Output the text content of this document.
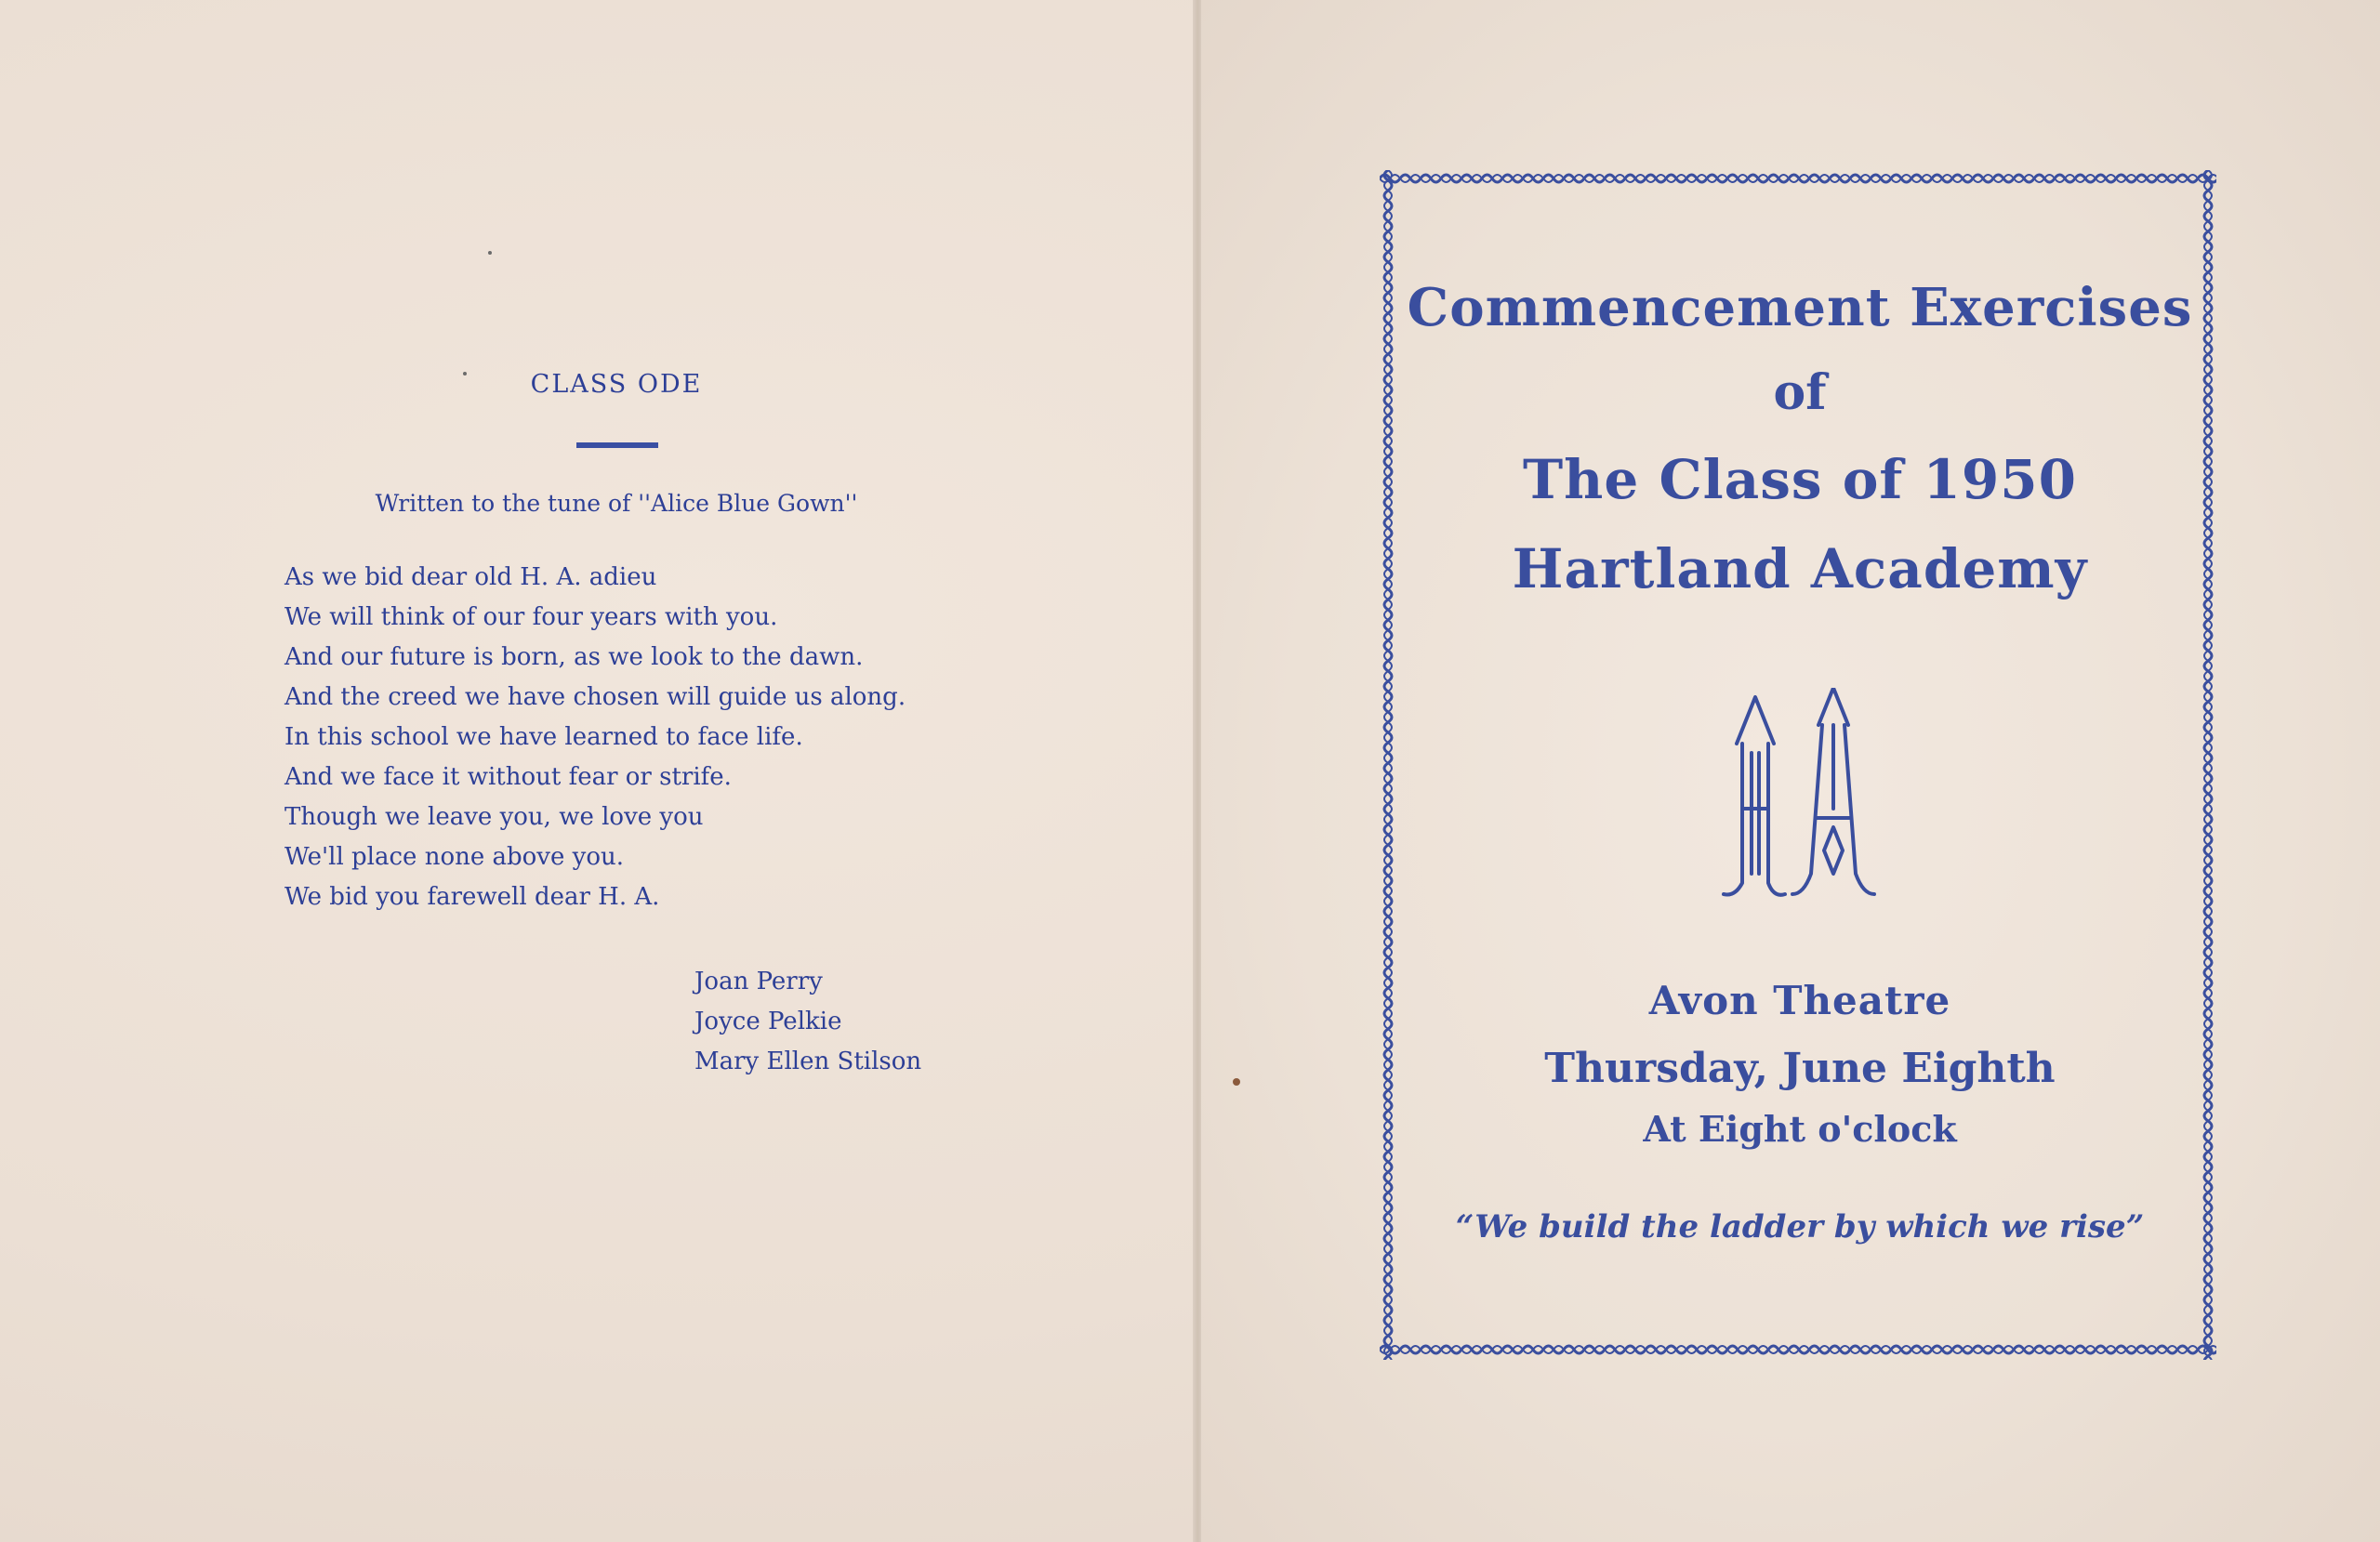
CLASS ODE
Written to the tune of ''Alice Blue Gown''
As we bid dear old H. A. adieu
We will think of our four years with you.
And our future is born, as we look to the dawn.
And the creed we have chosen will guide us along.
In this school we have learned to face life.
And we face it without fear or strife.
Though we leave you, we love you
We'll place none above you.
We bid you farewell dear H. A.
Joan Perry
Joyce Pelkie
Mary Ellen Stilson
Commencement Exercises
of
The Class of 1950
Hartland Academy
Avon Theatre
Thursday, June Eighth
At Eight o'clock
“We build the ladder by which we rise”
